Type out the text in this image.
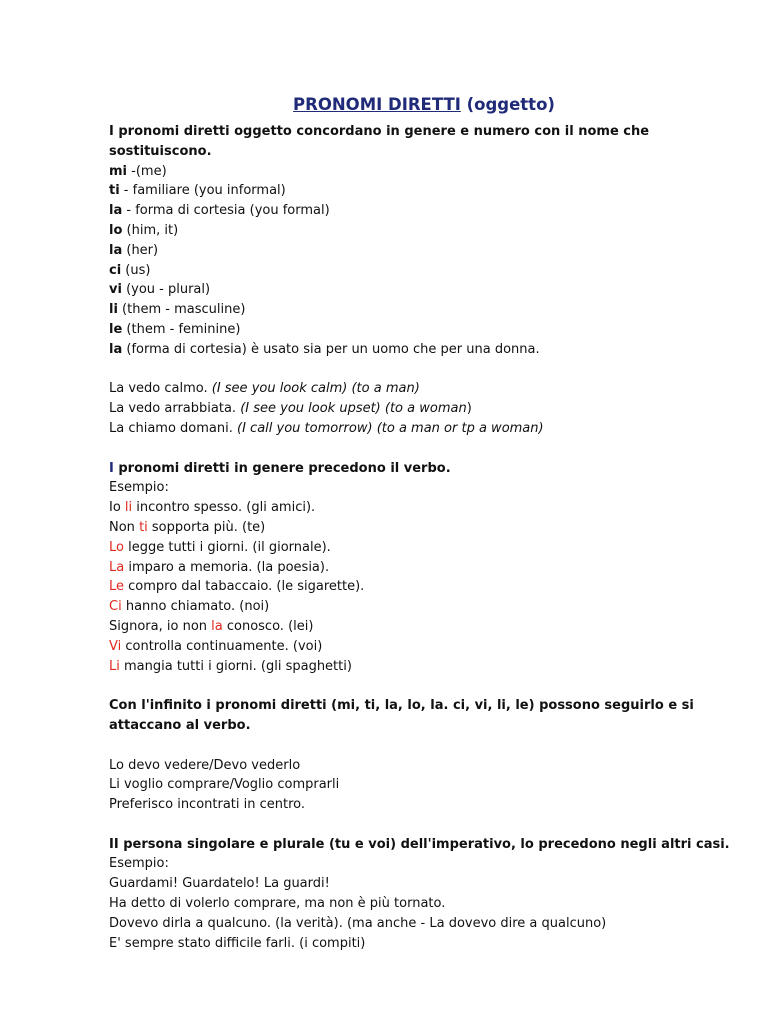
PRONOMI DIRETTI (oggetto)
I pronomi diretti oggetto concordano in genere e numero con il nome che sostituiscono.
mi -(me)
ti - familiare (you informal)
la - forma di cortesia (you formal)
lo (him, it)
la (her)
ci (us)
vi (you - plural)
li (them - masculine)
le (them - feminine)
la (forma di cortesia) è usato sia per un uomo che per una donna.
La vedo calmo. (I see you look calm) (to a man)
La vedo arrabbiata. (I see you look upset) (to a woman)
La chiamo domani. (I call you tomorrow) (to a man or tp a woman)
I pronomi diretti in genere precedono il verbo.
Esempio:
Io li incontro spesso. (gli amici).
Non ti sopporta più. (te)
Lo legge tutti i giorni. (il giornale).
La imparo a memoria. (la poesia).
Le compro dal tabaccaio. (le sigarette).
Ci hanno chiamato. (noi)
Signora, io non la conosco. (lei)
Vi controlla continuamente. (voi)
Li mangia tutti i giorni. (gli spaghetti)
Con l'infinito i pronomi diretti (mi, ti, la, lo, la. ci, vi, li, le) possono seguirlo e si attaccano al verbo.
Lo devo vedere/Devo vederlo
Li voglio comprare/Voglio comprarli
Preferisco incontrati in centro.
II persona singolare e plurale (tu e voi) dell'imperativo, lo precedono negli altri casi.
Esempio:
Guardami! Guardatelo! La guardi!
Ha detto di volerlo comprare, ma non è più tornato.
Dovevo dirla a qualcuno. (la verità). (ma anche - La dovevo dire a qualcuno)
E' sempre stato difficile farli. (i compiti)
